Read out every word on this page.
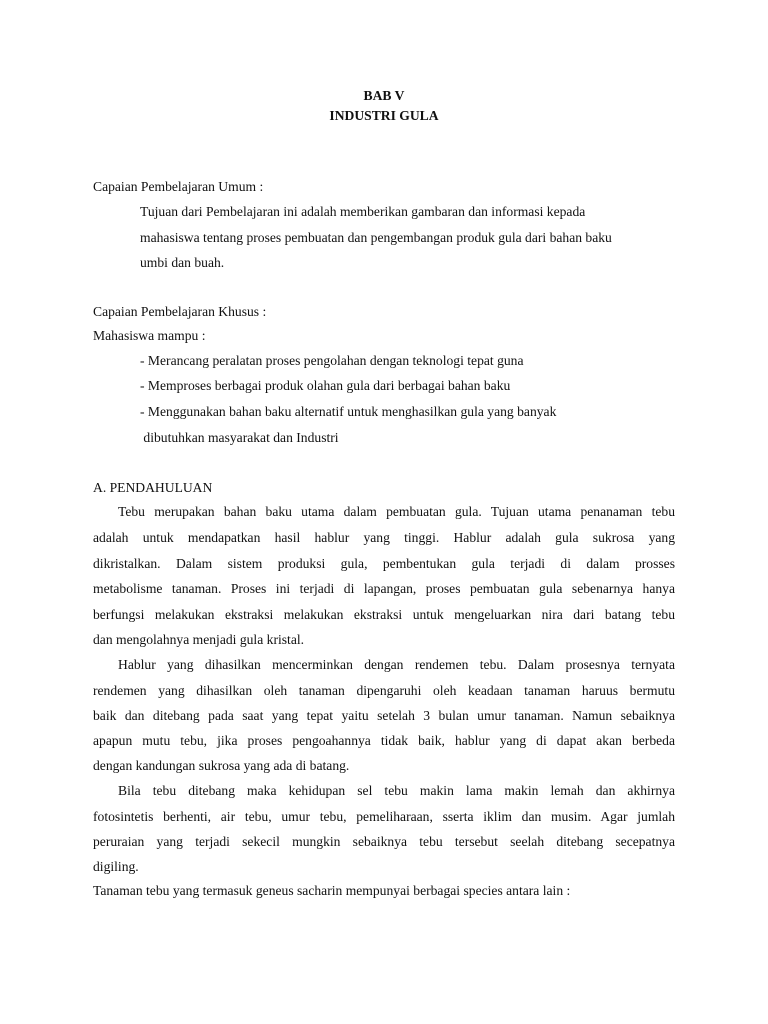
BAB V
INDUSTRI GULA
Capaian Pembelajaran Umum :
Tujuan dari Pembelajaran ini adalah memberikan gambaran dan informasi kepada
mahasiswa tentang proses pembuatan dan pengembangan produk gula dari bahan baku
umbi dan buah.
Capaian Pembelajaran Khusus :
Mahasiswa mampu :
- Merancang peralatan proses pengolahan dengan teknologi tepat guna
- Memproses berbagai produk olahan gula dari berbagai bahan baku
- Menggunakan bahan baku alternatif untuk menghasilkan gula yang banyak
dibutuhkan masyarakat dan Industri
A. PENDAHULUAN
Tebu merupakan bahan baku utama dalam pembuatan gula. Tujuan utama penanaman tebu
adalah untuk mendapatkan hasil hablur yang tinggi. Hablur adalah gula sukrosa yang
dikristalkan. Dalam sistem produksi gula, pembentukan gula terjadi di dalam prosses
metabolisme tanaman. Proses ini terjadi di lapangan, proses pembuatan gula sebenarnya hanya
berfungsi melakukan ekstraksi melakukan ekstraksi untuk mengeluarkan nira dari batang tebu
dan mengolahnya menjadi gula kristal.
Hablur yang dihasilkan mencerminkan dengan rendemen tebu. Dalam prosesnya ternyata
rendemen yang dihasilkan oleh tanaman dipengaruhi oleh keadaan tanaman haruus bermutu
baik dan ditebang pada saat yang tepat yaitu setelah 3 bulan umur tanaman. Namun sebaiknya
apapun mutu tebu, jika proses pengoahannya tidak baik, hablur yang di dapat akan berbeda
dengan kandungan sukrosa yang ada di batang.
Bila tebu ditebang maka kehidupan sel tebu makin lama makin lemah dan akhirnya
fotosintetis berhenti, air tebu, umur tebu, pemeliharaan, sserta iklim dan musim. Agar jumlah
peruraian yang terjadi sekecil mungkin sebaiknya tebu tersebut seelah ditebang secepatnya
digiling.
Tanaman tebu yang termasuk geneus sacharin mempunyai berbagai species antara lain :
